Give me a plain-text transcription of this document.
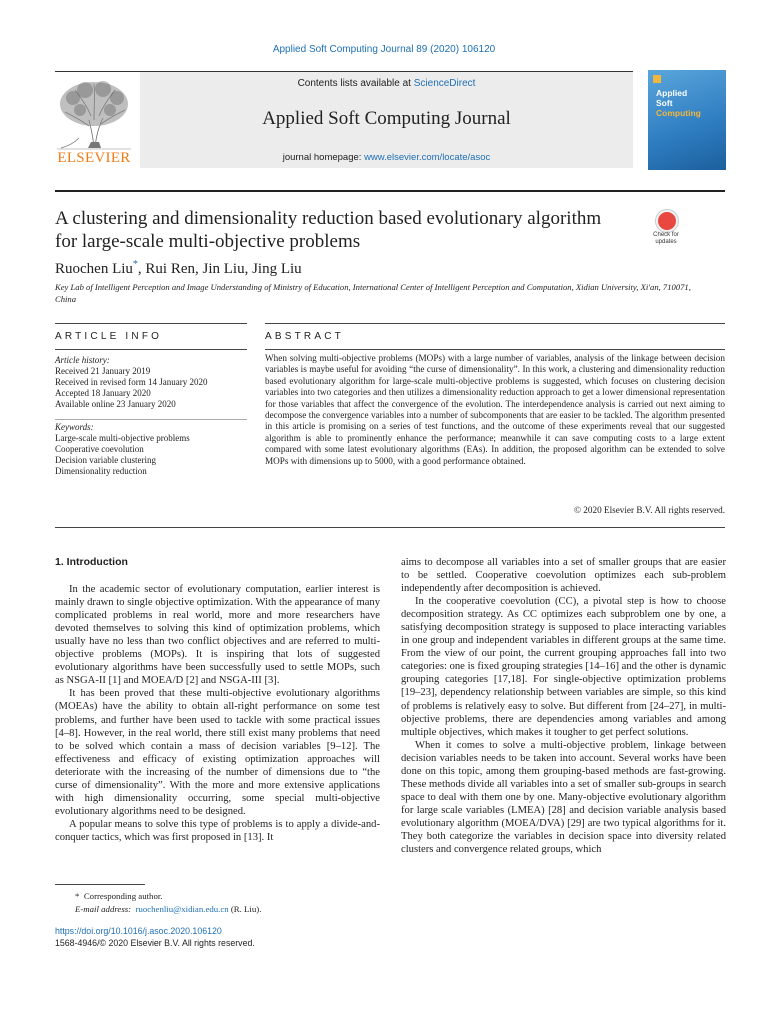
Applied Soft Computing Journal 89 (2020) 106120
ELSEVIER
Contents lists available at ScienceDirect
Applied Soft Computing Journal
journal homepage: www.elsevier.com/locate/asoc
Applied
Soft
Computing
A clustering and dimensionality reduction based evolutionary algorithm for large-scale multi-objective problems	Check for updates
Ruochen Liu*, Rui Ren, Jin Liu, Jing Liu
Key Lab of Intelligent Perception and Image Understanding of Ministry of Education, International Center of Intelligent Perception and Computation, Xidian University, Xi'an, 710071, China
ARTICLE INFO	ABSTRACT
Article history:
Received 21 January 2019
Received in revised form 14 January 2020
Accepted 18 January 2020
Available online 23 January 2020
Keywords:
Large-scale multi-objective problems
Cooperative coevolution
Decision variable clustering
Dimensionality reduction
When solving multi-objective problems (MOPs) with a large number of variables, analysis of the linkage between decision variables is maybe useful for avoiding “the curse of dimensionality”. In this work, a clustering and dimensionality reduction based evolutionary algorithm for large-scale multi-objective problems is suggested, which focuses on clustering decision variables into two categories and then utilizes a dimensionality reduction approach to get a lower dimensional representation for those variables that affect the convergence of the evolution. The interdependence analysis is carried out next aiming to decompose the convergence variables into a number of subcomponents that are easier to be tackled. The algorithm presented in this article is promising on a series of test functions, and the outcome of these experiments reveal that our suggested algorithm is able to prominently enhance the performance; meanwhile it can save computing costs to a large extent compared with some latest evolutionary algorithms (EAs). In addition, the proposed algorithm can be extended to solve MOPs with dimensions up to 5000, with a good performance obtained.
© 2020 Elsevier B.V. All rights reserved.
1. Introduction

In the academic sector of evolutionary computation, earlier interest is mainly drawn to single objective optimization. With the appearance of many complicated problems in real world, more and more researchers have devoted themselves to solving this kind of optimization problems, which usually have no less than two conflict objectives and are referred to multi-objective problems (MOPs). It is inspiring that lots of suggested evolutionary algorithms have been successfully used to settle MOPs, such as NSGA-II [1] and MOEA/D [2] and NSGA-III [3].

It has been proved that these multi-objective evolutionary algorithms (MOEAs) have the ability to obtain all-right performance on some test problems, and further have been used to tackle with some practical issues [4–8]. However, in the real world, there still exist many problems that need to be solved which contain a mass of decision variables [9–12]. The effectiveness and efficacy of existing optimization approaches will deteriorate with the increasing of the number of dimensions due to “the curse of dimensionality”. With the more and more extensive applications with high dimensionality occurring, some special multi-objective evolutionary algorithms need to be designed.

A popular means to solve this type of problems is to apply a divide-and-conquer tactics, which was first proposed in [13]. It

aims to decompose all variables into a set of smaller groups that are easier to be settled. Cooperative coevolution optimizes each sub-problem independently after decomposition is achieved.

In the cooperative coevolution (CC), a pivotal step is how to choose decomposition strategy. As CC optimizes each subproblem one by one, a satisfying decomposition strategy is supposed to place interacting variables in one group and independent variables in different groups at the same time. From the view of our point, the current grouping approaches fall into two categories: one is fixed grouping strategies [14–16] and the other is dynamic grouping categories [17,18]. For single-objective optimization problems [19–23], dependency relationship between variables are simple, so this kind of problems is relatively easy to solve. But different from [24–27], in multi-objective problems, there are dependencies among variables and among multiple objectives, which makes it tougher to get perfect solutions.

When it comes to solve a multi-objective problem, linkage between decision variables needs to be taken into account. Several works have been done on this topic, among them grouping-based methods are fast-growing. These methods divide all variables into a set of smaller sub-groups in search space to deal with them one by one. Many-objective evolutionary algorithm for large scale variables (LMEA) [28] and decision variable analysis based evolutionary algorithm (MOEA/DVA) [29] are two typical algorithms for it. They both categorize the variables in decision space into diversity related clusters and convergence related groups, which

* Corresponding author.
E-mail address: ruochenliu@xidian.edu.cn (R. Liu).
https://doi.org/10.1016/j.asoc.2020.106120
1568-4946/© 2020 Elsevier B.V. All rights reserved.
